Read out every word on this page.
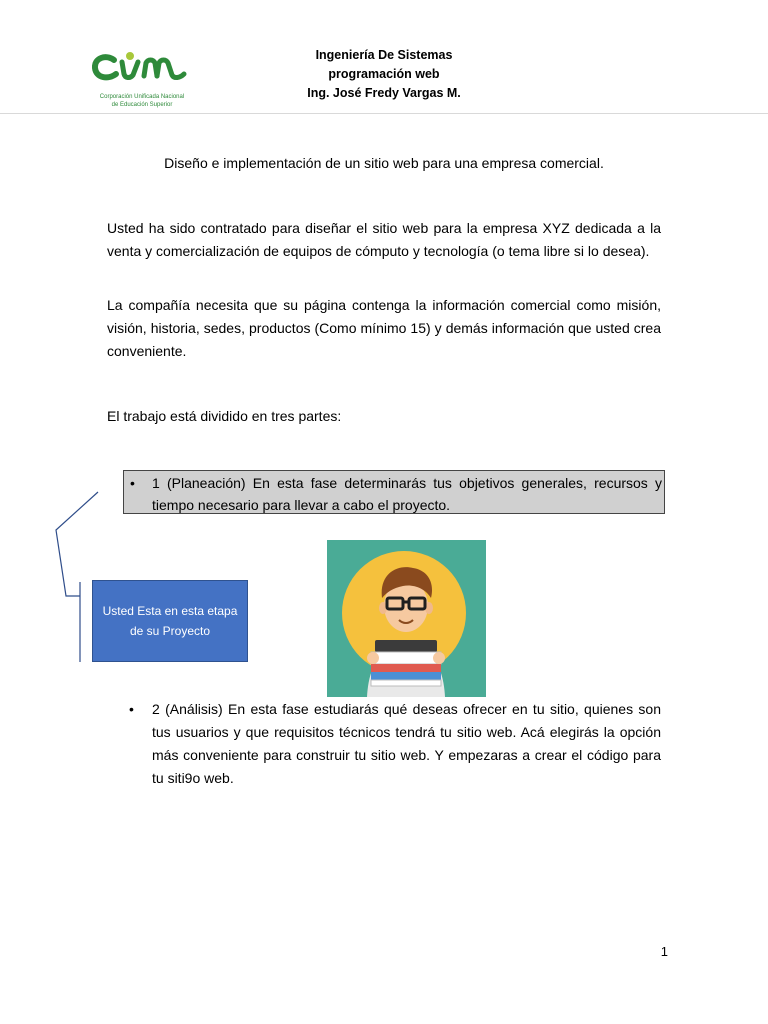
Corporación Unificada Nacional
de Educación Superior
Ingeniería De Sistemas
programación web
Ing. José Fredy Vargas M.
Diseño e implementación de un sitio web para una empresa comercial.
Usted ha sido contratado para diseñar el sitio web para la empresa XYZ dedicada a la venta y comercialización de equipos de cómputo y tecnología (o tema libre si lo desea).
La compañía necesita que su página contenga la información comercial como misión, visión, historia, sedes, productos (Como mínimo 15) y demás información que usted crea conveniente.
El trabajo está dividido en tres partes:
• 1 (Planeación) En esta fase determinarás tus objetivos generales, recursos y tiempo necesario para llevar a cabo el proyecto.
Usted Esta en esta etapa de su Proyecto
• 2 (Análisis) En esta fase estudiarás qué deseas ofrecer en tu sitio, quienes son tus usuarios y que requisitos técnicos tendrá tu sitio web. Acá elegirás la opción más conveniente para construir tu sitio web. Y empezaras a crear el código para tu siti9o web.
1
